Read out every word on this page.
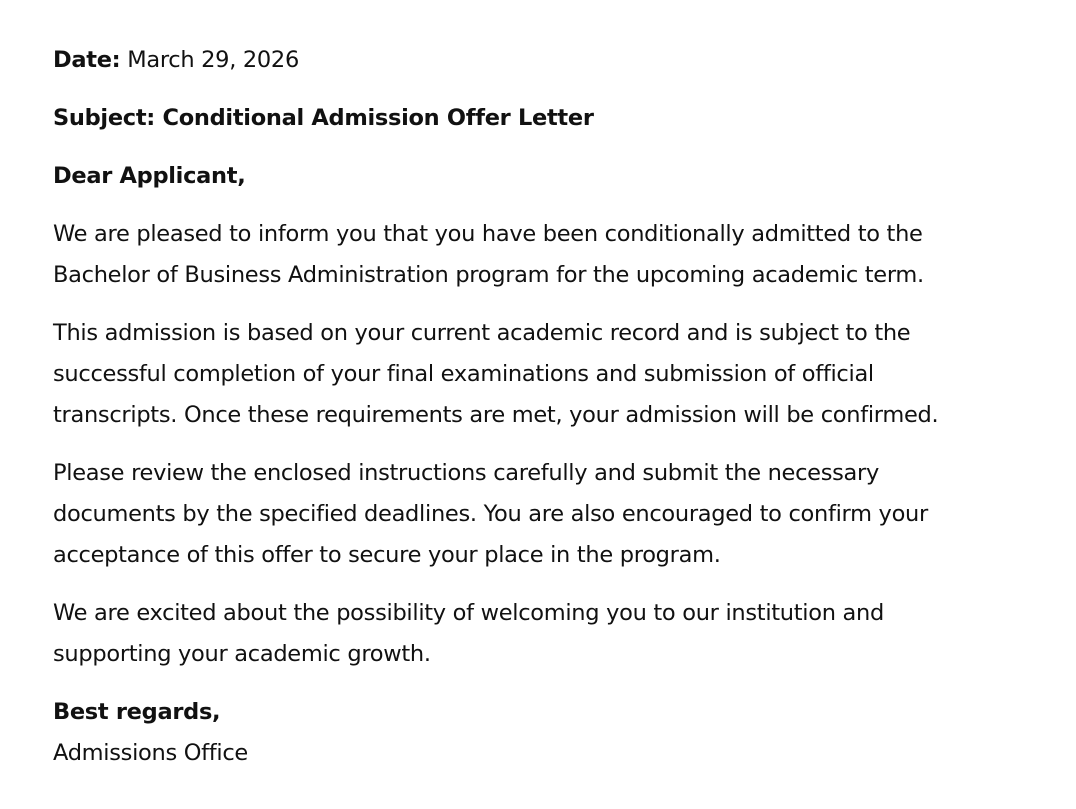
Date: March 29, 2026

Subject: Conditional Admission Offer Letter

Dear Applicant,

We are pleased to inform you that you have been conditionally admitted to the

Bachelor of Business Administration program for the upcoming academic term.

This admission is based on your current academic record and is subject to the

successful completion of your final examinations and submission of official

transcripts. Once these requirements are met, your admission will be confirmed.

Please review the enclosed instructions carefully and submit the necessary

documents by the specified deadlines. You are also encouraged to confirm your

acceptance of this offer to secure your place in the program.

We are excited about the possibility of welcoming you to our institution and

supporting your academic growth.

Best regards,

Admissions Office
